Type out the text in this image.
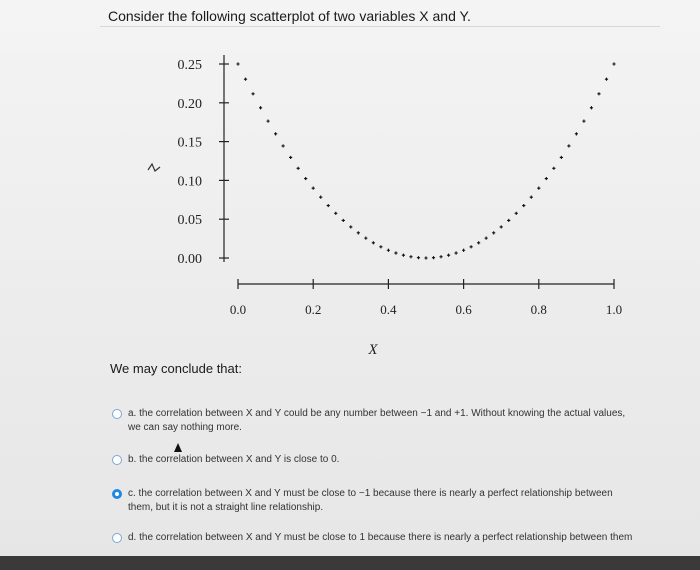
Consider the following scatterplot of two variables X and Y.
0.25
0.20
0.15
0.10
0.05
0.00
0.0	0.2	0.4	0.6	0.8	1.0
X
We may conclude that:
a. the correlation between X and Y could be any number between −1 and +1. Without knowing the actual values, we can say nothing more.
b. the correlation between X and Y is close to 0.
c. the correlation between X and Y must be close to −1 because there is nearly a perfect relationship between them, but it is not a straight line relationship.
d. the correlation between X and Y must be close to 1 because there is nearly a perfect relationship between them
